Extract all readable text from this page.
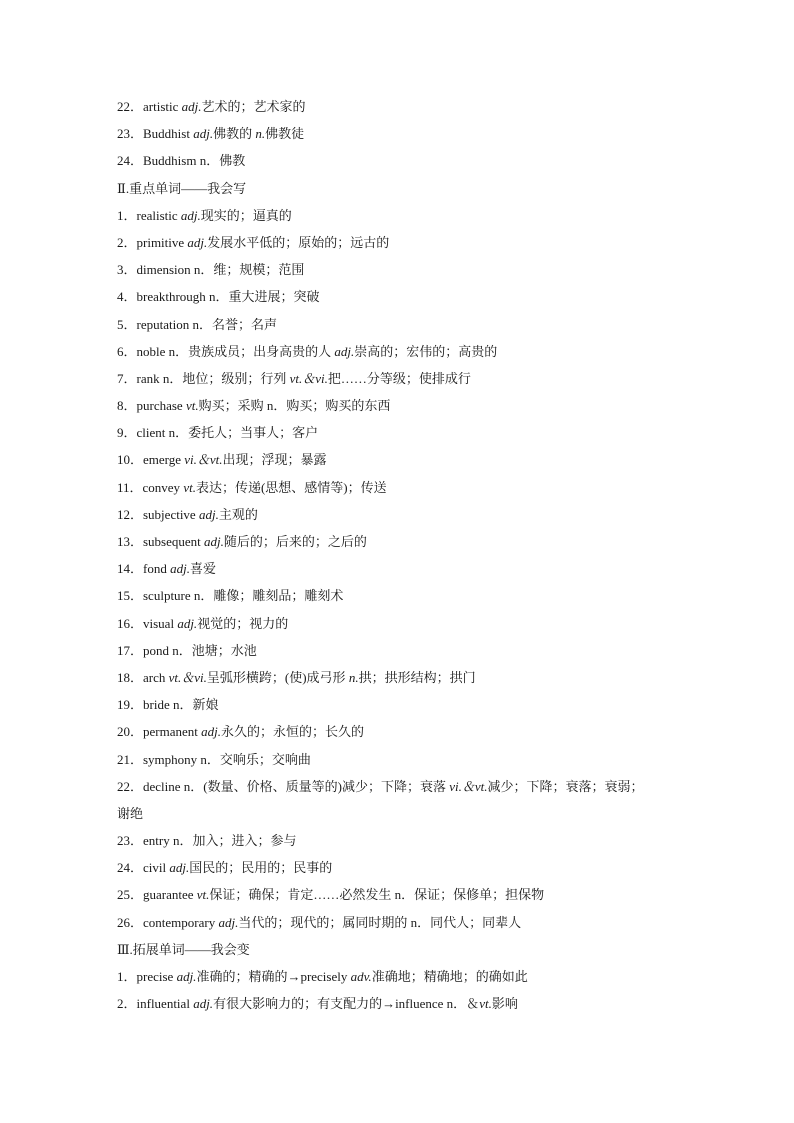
22．artistic adj.艺术的；艺术家的
23．Buddhist adj.佛教的 n.佛教徒
24．Buddhism n．佛教
Ⅱ.重点单词——我会写
1．realistic adj.现实的；逼真的
2．primitive adj.发展水平低的；原始的；远古的
3．dimension n．维；规模；范围
4．breakthrough n．重大进展；突破
5．reputation n．名誉；名声
6．noble n．贵族成员；出身高贵的人 adj.崇高的；宏伟的；高贵的
7．rank n．地位；级别；行列 vt.＆vi.把……分等级；使排成行
8．purchase vt.购买；采购 n．购买；购买的东西
9．client n．委托人；当事人；客户
10．emerge vi.＆vt.出现；浮现；暴露
11．convey vt.表达；传递(思想、感情等)；传送
12．subjective adj.主观的
13．subsequent adj.随后的；后来的；之后的
14．fond adj.喜爱
15．sculpture n．雕像；雕刻品；雕刻术
16．visual adj.视觉的；视力的
17．pond n．池塘；水池
18．arch vt.＆vi.呈弧形横跨；(使)成弓形 n.拱；拱形结构；拱门
19．bride n．新娘
20．permanent adj.永久的；永恒的；长久的
21．symphony n．交响乐；交响曲
22．decline n．(数量、价格、质量等的)减少；下降；衰落 vi.＆vt.减少；下降；衰落；衰弱；
谢绝
23．entry n．加入；进入；参与
24．civil adj.国民的；民用的；民事的
25．guarantee vt.保证；确保；肯定……必然发生 n．保证；保修单；担保物
26．contemporary adj.当代的；现代的；属同时期的 n．同代人；同辈人
Ⅲ.拓展单词——我会变
1．precise adj.准确的；精确的→precisely adv.准确地；精确地；的确如此
2．influential adj.有很大影响力的；有支配力的→influence n．＆vt.影响
